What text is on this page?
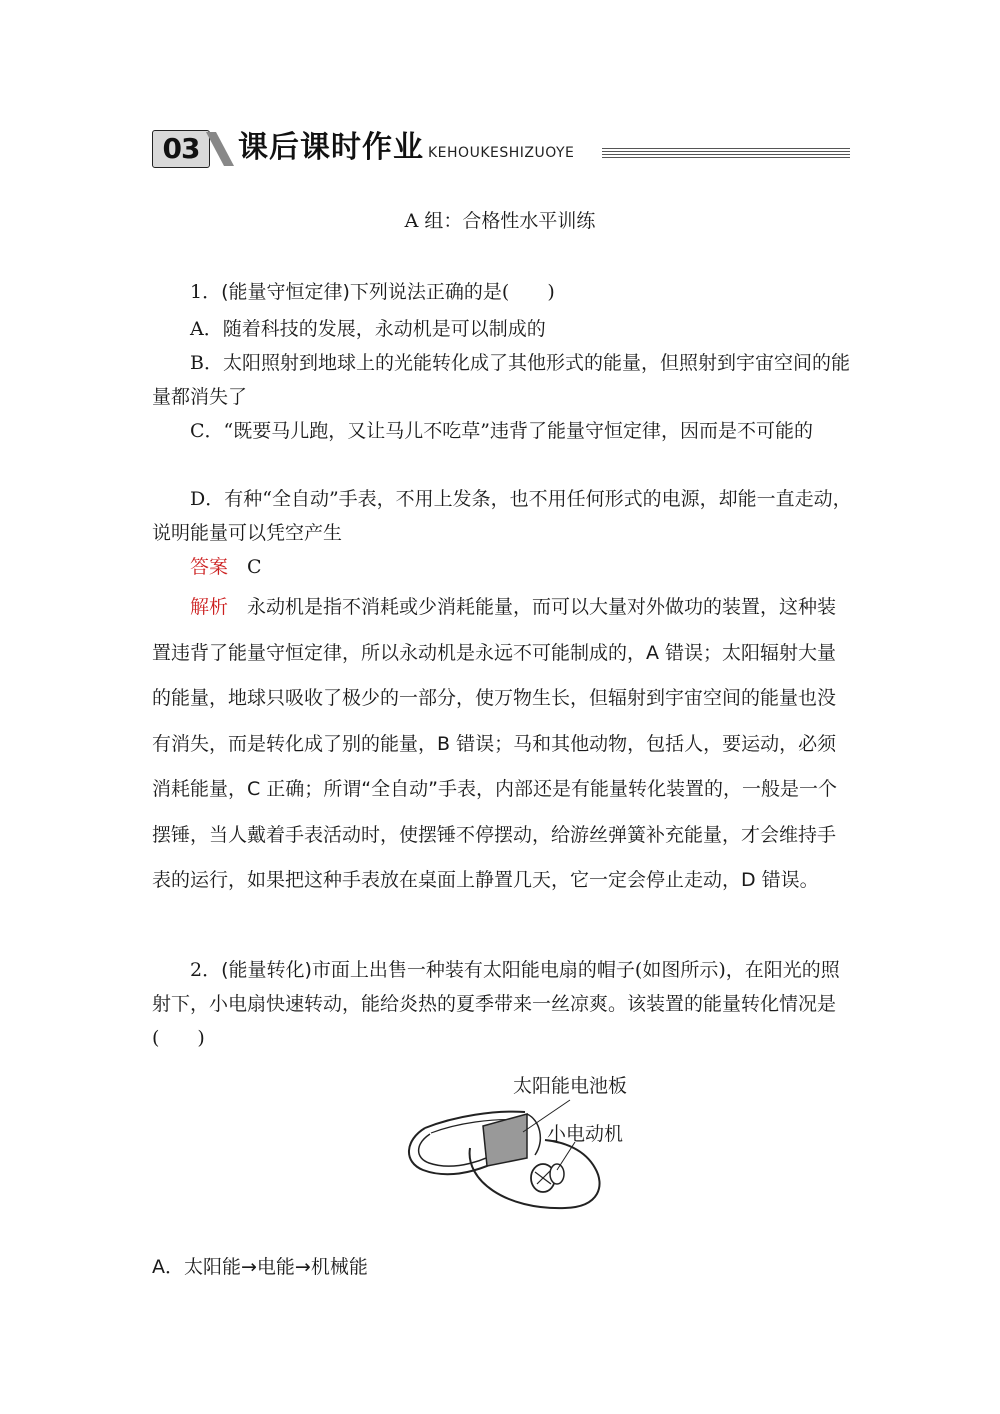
03	课后课时作业 KEHOUKESHIZUOYE
A 组：合格性水平训练
1．(能量守恒定律)下列说法正确的是(　　)
A．随着科技的发展，永动机是可以制成的
B．太阳照射到地球上的光能转化成了其他形式的能量，但照射到宇宙空间的能量都消失了
C．“既要马儿跑，又让马儿不吃草”违背了能量守恒定律，因而是不可能的
D．有种“全自动”手表，不用上发条，也不用任何形式的电源，却能一直走动，说明能量可以凭空产生
答案  C
解析  永动机是指不消耗或少消耗能量，而可以大量对外做功的装置，这种装置违背了能量守恒定律，所以永动机是永远不可能制成的，A 错误；太阳辐射大量的能量，地球只吸收了极少的一部分，使万物生长，但辐射到宇宙空间的能量也没有消失，而是转化成了别的能量，B 错误；马和其他动物，包括人，要运动，必须消耗能量，C 正确；所谓“全自动”手表，内部还是有能量转化装置的，一般是一个摆锤，当人戴着手表活动时，使摆锤不停摆动，给游丝弹簧补充能量，才会维持手表的运行，如果把这种手表放在桌面上静置几天，它一定会停止走动，D 错误。
2．(能量转化)市面上出售一种装有太阳能电扇的帽子(如图所示)，在阳光的照射下，小电扇快速转动，能给炎热的夏季带来一丝凉爽。该装置的能量转化情况是(　　)
太阳能电池板
小电动机
A．太阳能→电能→机械能
